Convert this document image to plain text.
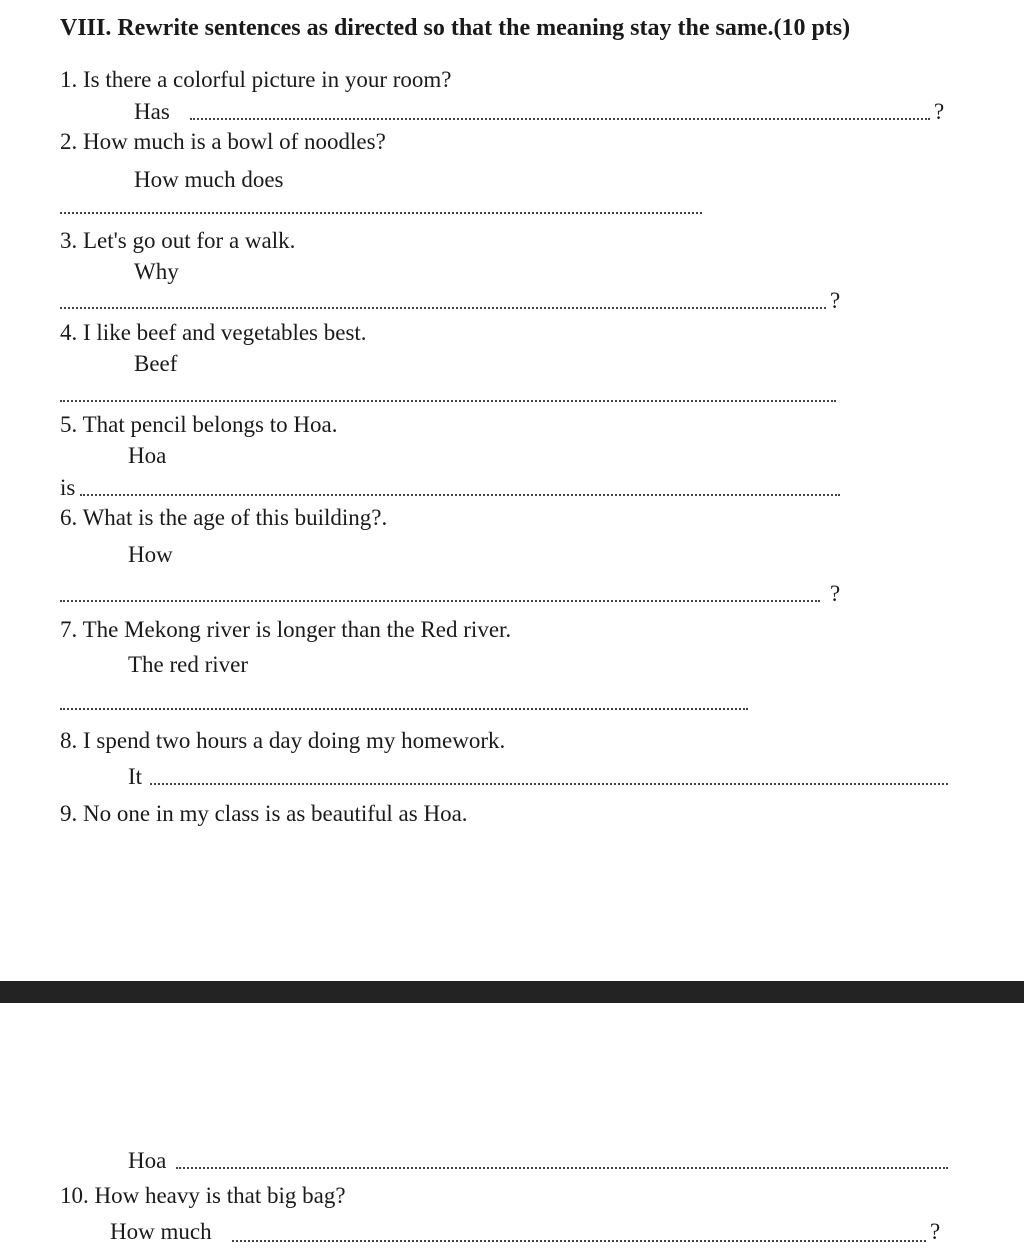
VIII. Rewrite sentences as directed so that the meaning stay the same.(10 pts)
1. Is there a colorful picture in your room?
Has	?
2. How much is a bowl of noodles?
How much does
3. Let's go out for a walk.
Why
?
4. I like beef and vegetables best.
Beef
5. That pencil belongs to Hoa.
Hoa
is
6. What is the age of this building?.
How
?
7. The Mekong river is longer than the Red river.
The red river
8. I spend two hours a day doing my homework.
It
9. No one in my class is as beautiful as Hoa.
Hoa
10. How heavy is that big bag?
How much	?
